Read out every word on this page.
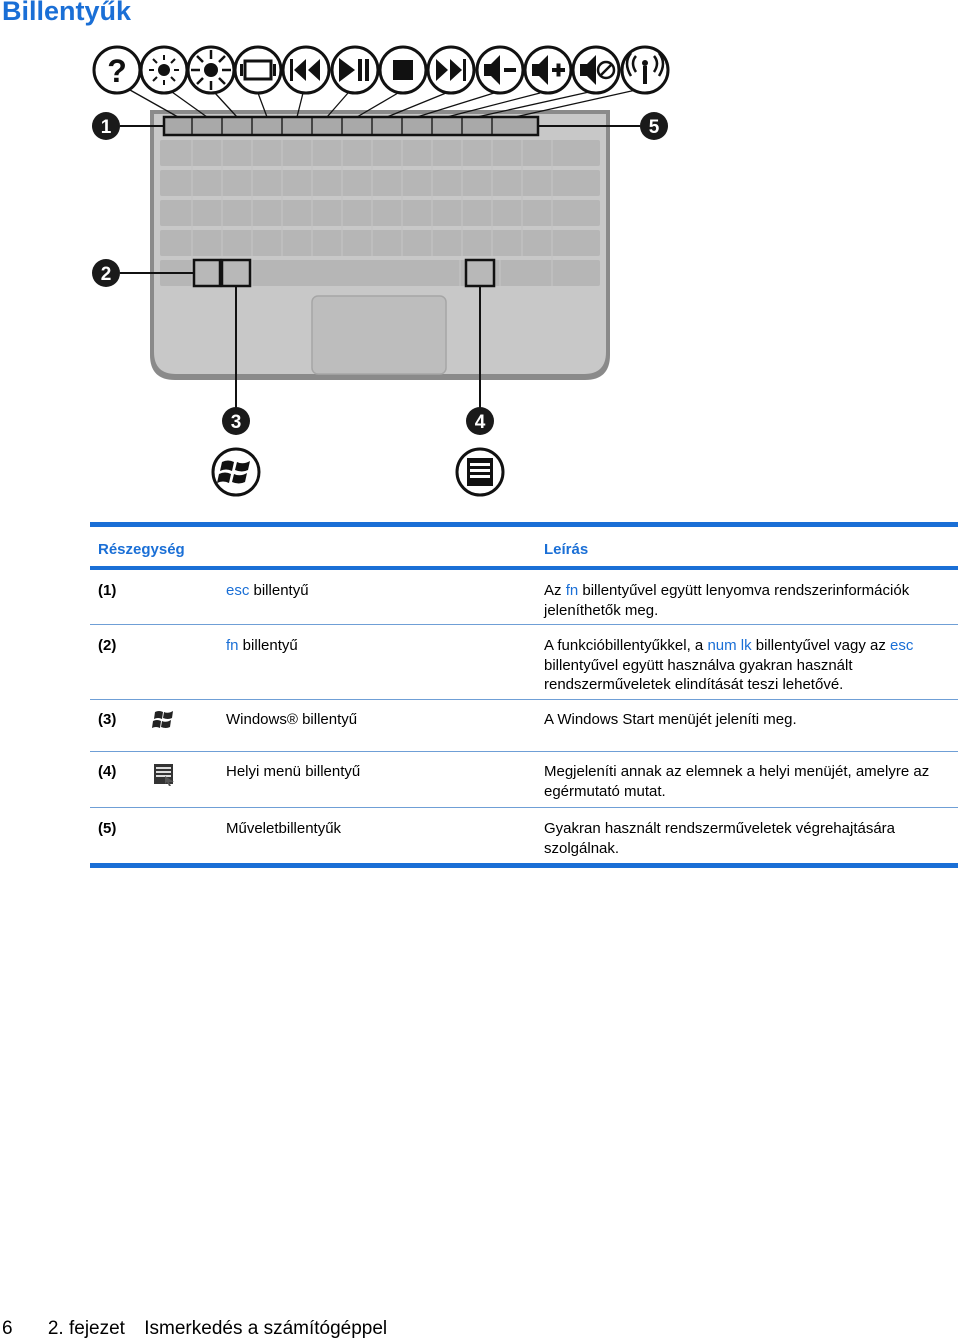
Billentyűk
?
1
2
3	4
5
Részegység	Leírás
(1)	esc billentyű	Az fn billentyűvel együtt lenyomva rendszerinformációk jeleníthetők meg.
(2)	fn billentyű	A funkcióbillentyűkkel, a num lk billentyűvel vagy az esc billentyűvel együtt használva gyakran használt rendszerműveletek elindítását teszi lehetővé.
(3)	Windows® billentyű	A Windows Start menüjét jeleníti meg.
(4)	Helyi menü billentyű	Megjeleníti annak az elemnek a helyi menüjét, amelyre az egérmutató mutat.
(5)	Műveletbillentyűk	Gyakran használt rendszerműveletek végrehajtására szolgálnak.
6 2. fejezet Ismerkedés a számítógéppel
